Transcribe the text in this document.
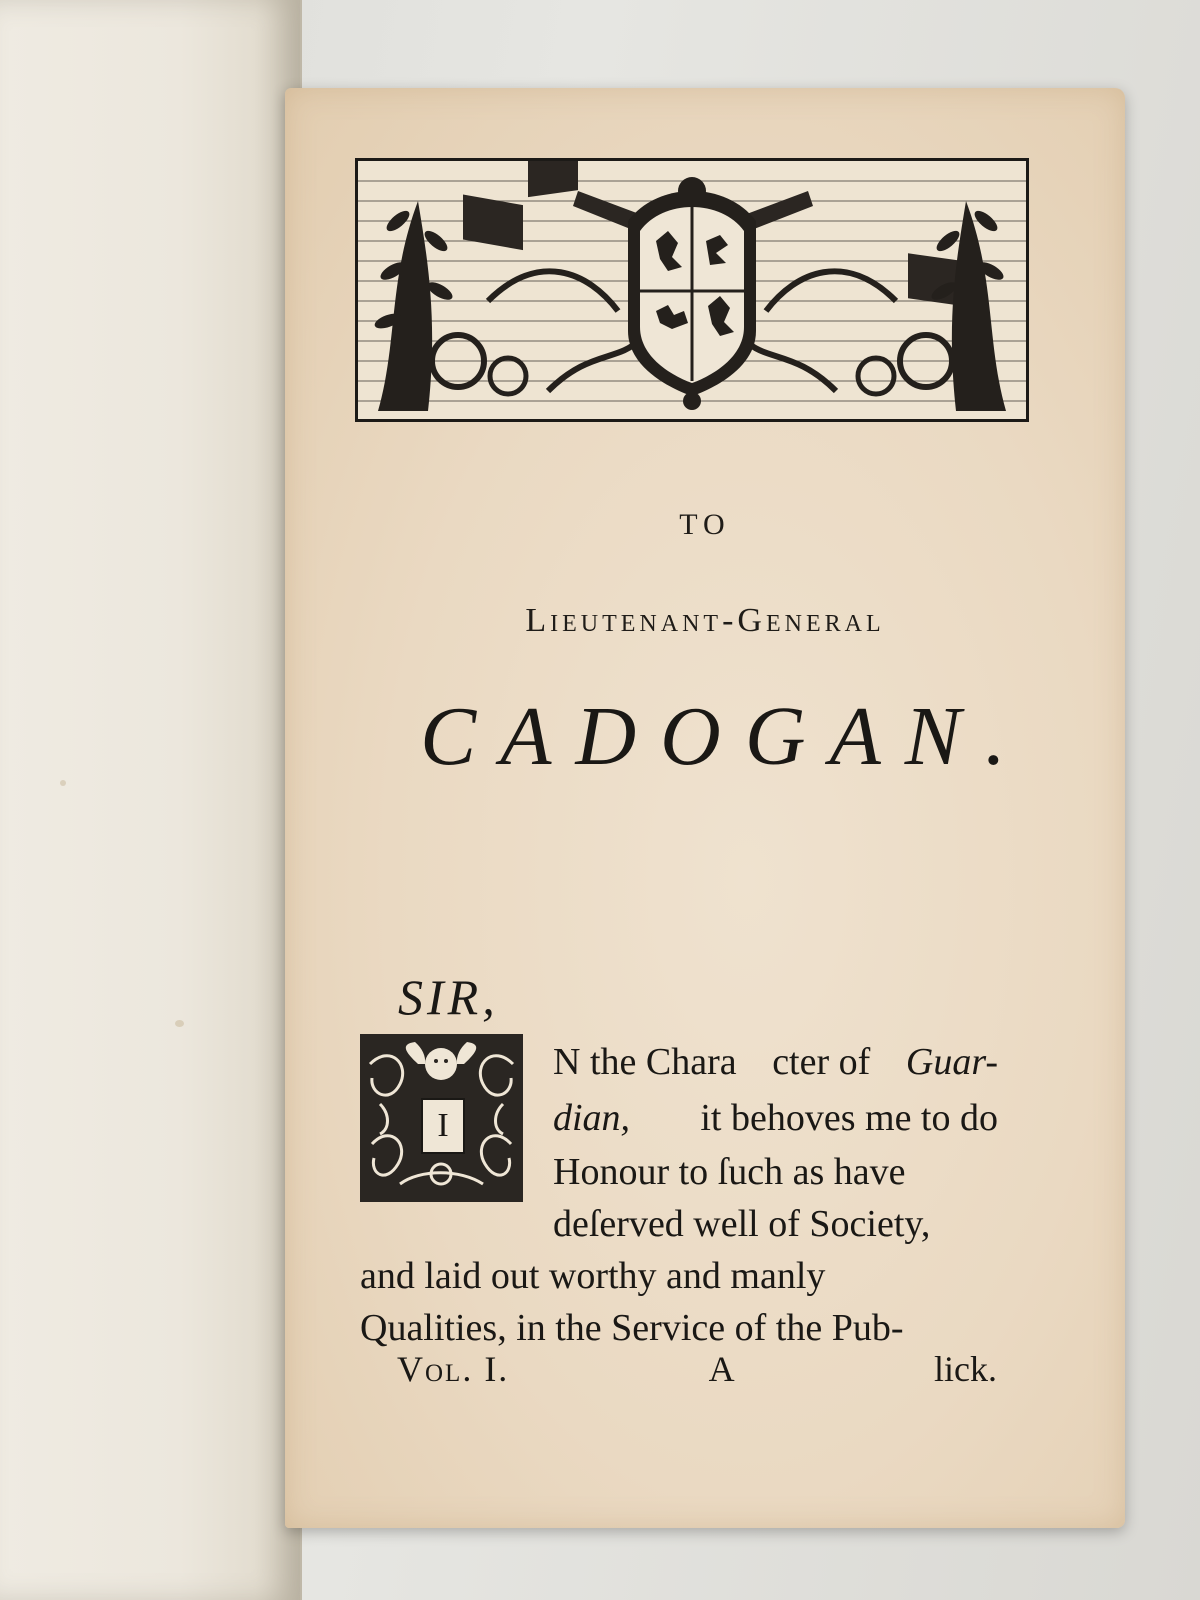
TO
Lieutenant-General
CADOGAN.
SIR,
I
N the Chara cter of Guar-
dian, it behoves me to do
Honour to ſuch as have
deſerved well of Society,
and laid out worthy and manly
Qualities, in the Service of the Pub-
Vol. I.	A	lick.
